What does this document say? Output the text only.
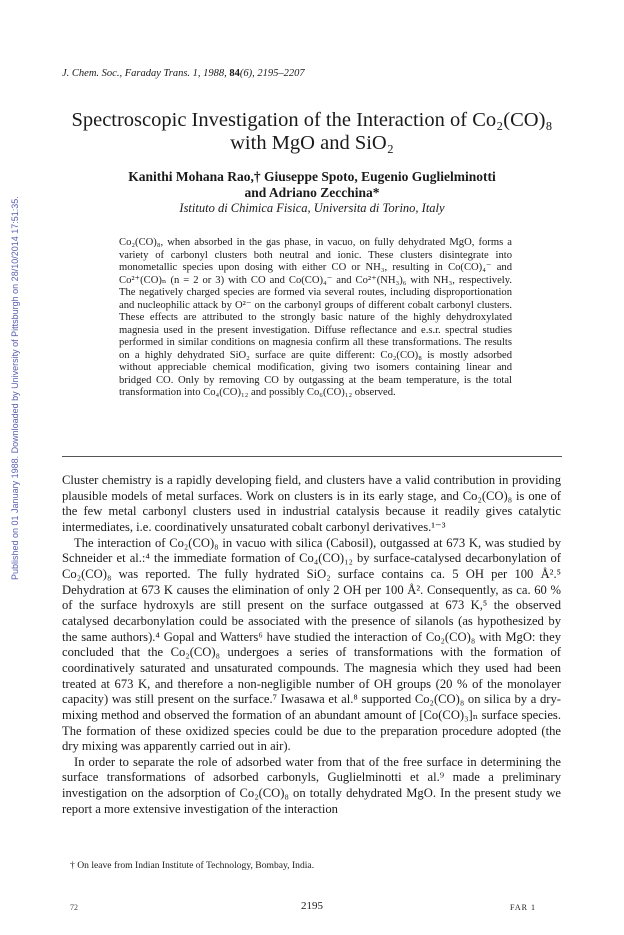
Published on 01 January 1988. Downloaded by University of Pittsburgh on 28/10/2014 17:51:35.
J. Chem. Soc., Faraday Trans. 1, 1988, 84(6), 2195–2207
Spectroscopic Investigation of the Interaction of Co₂(CO)₈
with MgO and SiO₂
Kanithi Mohana Rao,† Giuseppe Spoto, Eugenio Guglielminotti
and Adriano Zecchina*
Istituto di Chimica Fisica, Universita di Torino, Italy
Co₂(CO)₈, when absorbed in the gas phase, in vacuo, on fully dehydrated MgO, forms a variety of carbonyl clusters both neutral and ionic. These clusters disintegrate into monometallic species upon dosing with either CO or NH₃, resulting in Co(CO)₄⁻ and Co²⁺(CO)ₙ (n = 2 or 3) with CO and Co(CO)₄⁻ and Co²⁺(NH₃)₆ with NH₃, respectively. The negatively charged species are formed via several routes, including disproportionation and nucleophilic attack by O²⁻ on the carbonyl groups of different cobalt carbonyl clusters. These effects are attributed to the strongly basic nature of the highly dehydroxylated magnesia used in the present investigation. Diffuse reflectance and e.s.r. spectral studies performed in similar conditions on magnesia confirm all these transformations. The results on a highly dehydrated SiO₂ surface are quite different: Co₂(CO)₈ is mostly adsorbed without appreciable chemical modification, giving two isomers containing linear and bridged CO. Only by removing CO by outgassing at the beam temperature, is the total transformation into Co₄(CO)₁₂ and possibly Co₆(CO)₁₂ observed.

Cluster chemistry is a rapidly developing field, and clusters have a valid contribution in providing plausible models of metal surfaces. Work on clusters is in its early stage, and Co₂(CO)₈ is one of the few metal carbonyl clusters used in industrial catalysis because it readily gives catalytic intermediates, i.e. coordinatively unsaturated cobalt carbonyl derivatives.¹⁻³

The interaction of Co₂(CO)₈ in vacuo with silica (Cabosil), outgassed at 673 K, was studied by Schneider et al.:⁴ the immediate formation of Co₄(CO)₁₂ by surface-catalysed decarbonylation of Co₂(CO)₈ was reported. The fully hydrated SiO₂ surface contains ca. 5 OH per 100 Å².⁵ Dehydration at 673 K causes the elimination of only 2 OH per 100 Å². Consequently, as ca. 60 % of the surface hydroxyls are still present on the surface outgassed at 673 K,⁵ the observed catalysed decarbonylation could be associated with the presence of silanols (as hypothesized by the same authors).⁴ Gopal and Watters⁶ have studied the interaction of Co₂(CO)₈ with MgO: they concluded that the Co₂(CO)₈ undergoes a series of transformations with the formation of coordinatively saturated and unsaturated compounds. The magnesia which they used had been treated at 673 K, and therefore a non-negligible number of OH groups (20 % of the monolayer capacity) was still present on the surface.⁷ Iwasawa et al.⁸ supported Co₂(CO)₈ on silica by a dry-mixing method and observed the formation of an abundant amount of [Co(CO)₃]ₙ surface species. The formation of these oxidized species could be due to the preparation procedure adopted (the dry mixing was apparently carried out in air).

In order to separate the role of adsorbed water from that of the free surface in determining the surface transformations of adsorbed carbonyls, Guglielminotti et al.⁹ made a preliminary investigation on the adsorption of Co₂(CO)₈ on totally dehydrated MgO. In the present study we report a more extensive investigation of the interaction

† On leave from Indian Institute of Technology, Bombay, India.
72	2195	FAR 1
